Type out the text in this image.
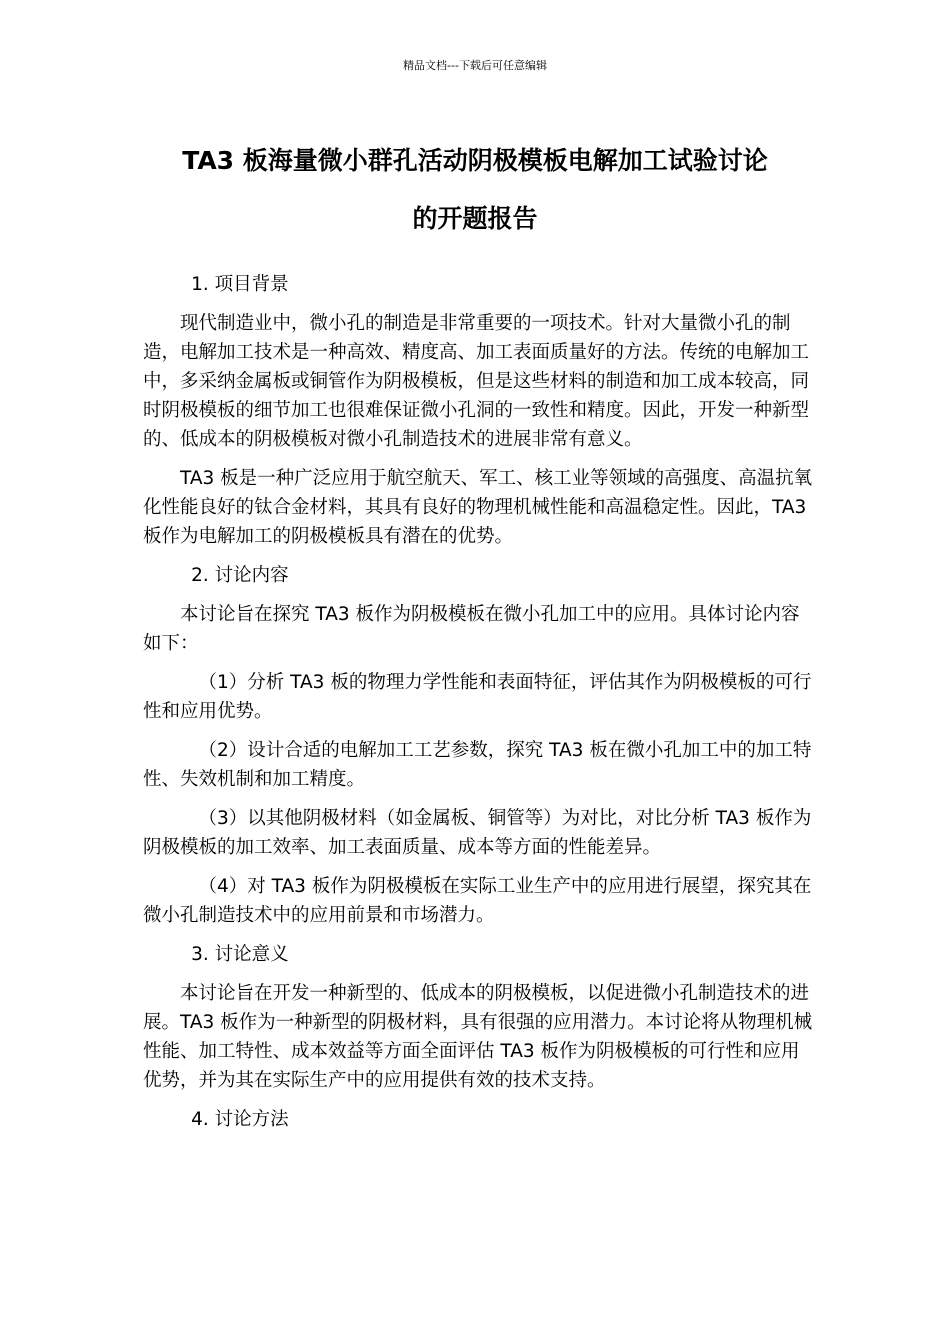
精品文档---下载后可任意编辑
TA3 板海量微小群孔活动阴极模板电解加工试验讨论
的开题报告

1. 项目背景

现代制造业中，微小孔的制造是非常重要的一项技术。针对大量微小孔的制造，电解加工技术是一种高效、精度高、加工表面质量好的方法。传统的电解加工中，多采纳金属板或铜管作为阴极模板，但是这些材料的制造和加工成本较高，同时阴极模板的细节加工也很难保证微小孔洞的一致性和精度。因此，开发一种新型的、低成本的阴极模板对微小孔制造技术的进展非常有意义。

TA3 板是一种广泛应用于航空航天、军工、核工业等领域的高强度、高温抗氧化性能良好的钛合金材料，其具有良好的物理机械性能和高温稳定性。因此，TA3 板作为电解加工的阴极模板具有潜在的优势。

2. 讨论内容

本讨论旨在探究 TA3 板作为阴极模板在微小孔加工中的应用。具体讨论内容如下：

（1）分析 TA3 板的物理力学性能和表面特征，评估其作为阴极模板的可行性和应用优势。

（2）设计合适的电解加工工艺参数，探究 TA3 板在微小孔加工中的加工特性、失效机制和加工精度。

（3）以其他阴极材料（如金属板、铜管等）为对比，对比分析 TA3 板作为阴极模板的加工效率、加工表面质量、成本等方面的性能差异。

（4）对 TA3 板作为阴极模板在实际工业生产中的应用进行展望，探究其在微小孔制造技术中的应用前景和市场潜力。

3. 讨论意义

本讨论旨在开发一种新型的、低成本的阴极模板，以促进微小孔制造技术的进展。TA3 板作为一种新型的阴极材料，具有很强的应用潜力。本讨论将从物理机械性能、加工特性、成本效益等方面全面评估 TA3 板作为阴极模板的可行性和应用优势，并为其在实际生产中的应用提供有效的技术支持。

4. 讨论方法
